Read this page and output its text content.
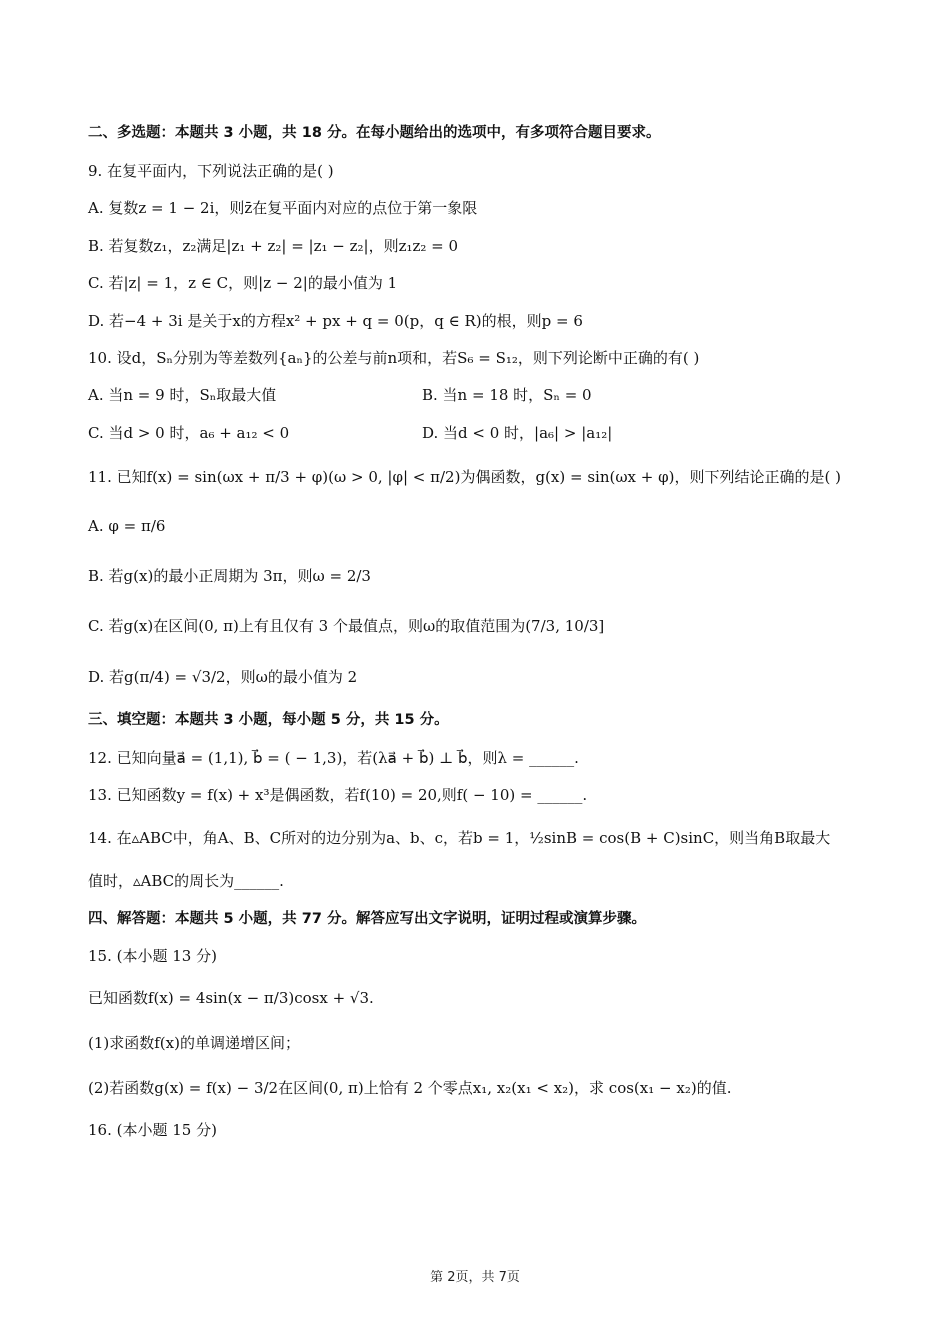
二、多选题：本题共 3 小题，共 18 分。在每小题给出的选项中，有多项符合题目要求。
9. 在复平面内，下列说法正确的是( )
A. 复数z = 1 − 2i，则z̄在复平面内对应的点位于第一象限
B. 若复数z₁，z₂满足|z₁ + z₂| = |z₁ − z₂|，则z₁z₂ = 0
C. 若|z| = 1，z ∈ C，则|z − 2|的最小值为 1
D. 若−4 + 3i 是关于x的方程x² + px + q = 0(p，q ∈ R)的根，则p = 6
10. 设d，Sₙ分别为等差数列{aₙ}的公差与前n项和，若S₆ = S₁₂，则下列论断中正确的有( )
A. 当n = 9 时，Sₙ取最大值	B. 当n = 18 时，Sₙ = 0
C. 当d > 0 时，a₆ + a₁₂ < 0	D. 当d < 0 时，|a₆| > |a₁₂|
11. 已知f(x) = sin(ωx + π/3 + φ)(ω > 0, |φ| < π/2)为偶函数，g(x) = sin(ωx + φ)，则下列结论正确的是( )
A. φ = π/6
B. 若g(x)的最小正周期为 3π，则ω = 2/3
C. 若g(x)在区间(0, π)上有且仅有 3 个最值点，则ω的取值范围为(7/3, 10/3]
D. 若g(π/4) = √3/2，则ω的最小值为 2
三、填空题：本题共 3 小题，每小题 5 分，共 15 分。
12. 已知向量a⃗ = (1,1), b⃗ = ( − 1,3)，若(λa⃗ + b⃗) ⊥ b⃗，则λ = ______.
13. 已知函数y = f(x) + x³是偶函数，若f(10) = 20,则f( − 10) = ______.
14. 在▵ABC中，角A、B、C所对的边分别为a、b、c，若b = 1，½sinB = cos(B + C)sinC，则当角B取最大
值时，▵ABC的周长为______.
四、解答题：本题共 5 小题，共 77 分。解答应写出文字说明，证明过程或演算步骤。
15. (本小题 13 分)
已知函数f(x) = 4sin(x − π/3)cosx + √3.
(1)求函数f(x)的单调递增区间；
(2)若函数g(x) = f(x) − 3/2在区间(0, π)上恰有 2 个零点x₁, x₂(x₁ < x₂)，求 cos(x₁ − x₂)的值.
16. (本小题 15 分)
第 2页，共 7页
